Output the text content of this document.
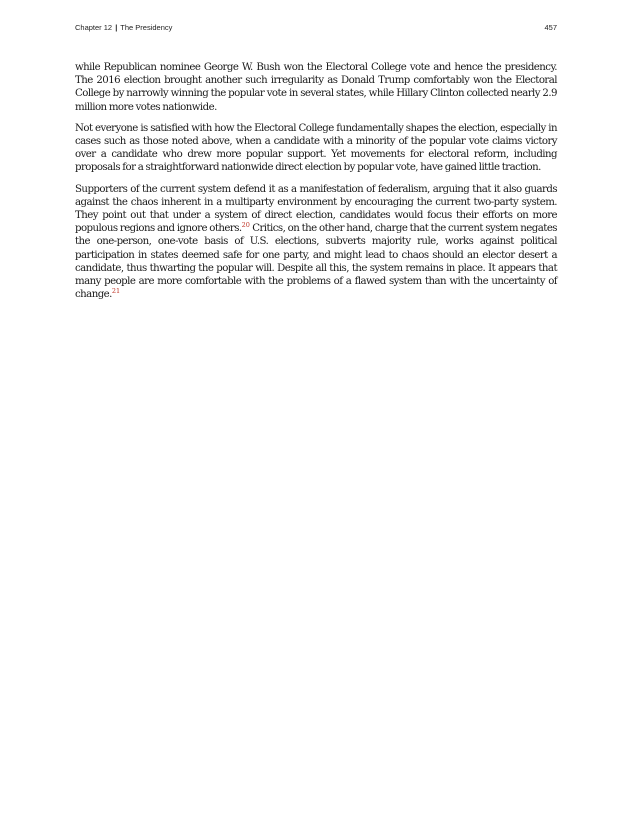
Chapter 12 | The Presidency	457

while Republican nominee George W. Bush won the Electoral College vote and hence the presidency. The 2016 election brought another such irregularity as Donald Trump comfortably won the Electoral College by narrowly winning the popular vote in several states, while Hillary Clinton collected nearly 2.9 million more votes nationwide.

Not everyone is satisfied with how the Electoral College fundamentally shapes the election, especially in cases such as those noted above, when a candidate with a minority of the popular vote claims victory over a candidate who drew more popular support. Yet movements for electoral reform, including proposals for a straightforward nationwide direct election by popular vote, have gained little traction.

Supporters of the current system defend it as a manifestation of federalism, arguing that it also guards against the chaos inherent in a multiparty environment by encouraging the current two-party system. They point out that under a system of direct election, candidates would focus their efforts on more populous regions and ignore others.$^{20}$ Critics, on the other hand, charge that the current system negates the one-person, one-vote basis of U.S. elections, subverts majority rule, works against political participation in states deemed safe for one party, and might lead to chaos should an elector desert a candidate, thus thwarting the popular will. Despite all this, the system remains in place. It appears that many people are more comfortable with the problems of a flawed system than with the uncertainty of change.$^{21}$
